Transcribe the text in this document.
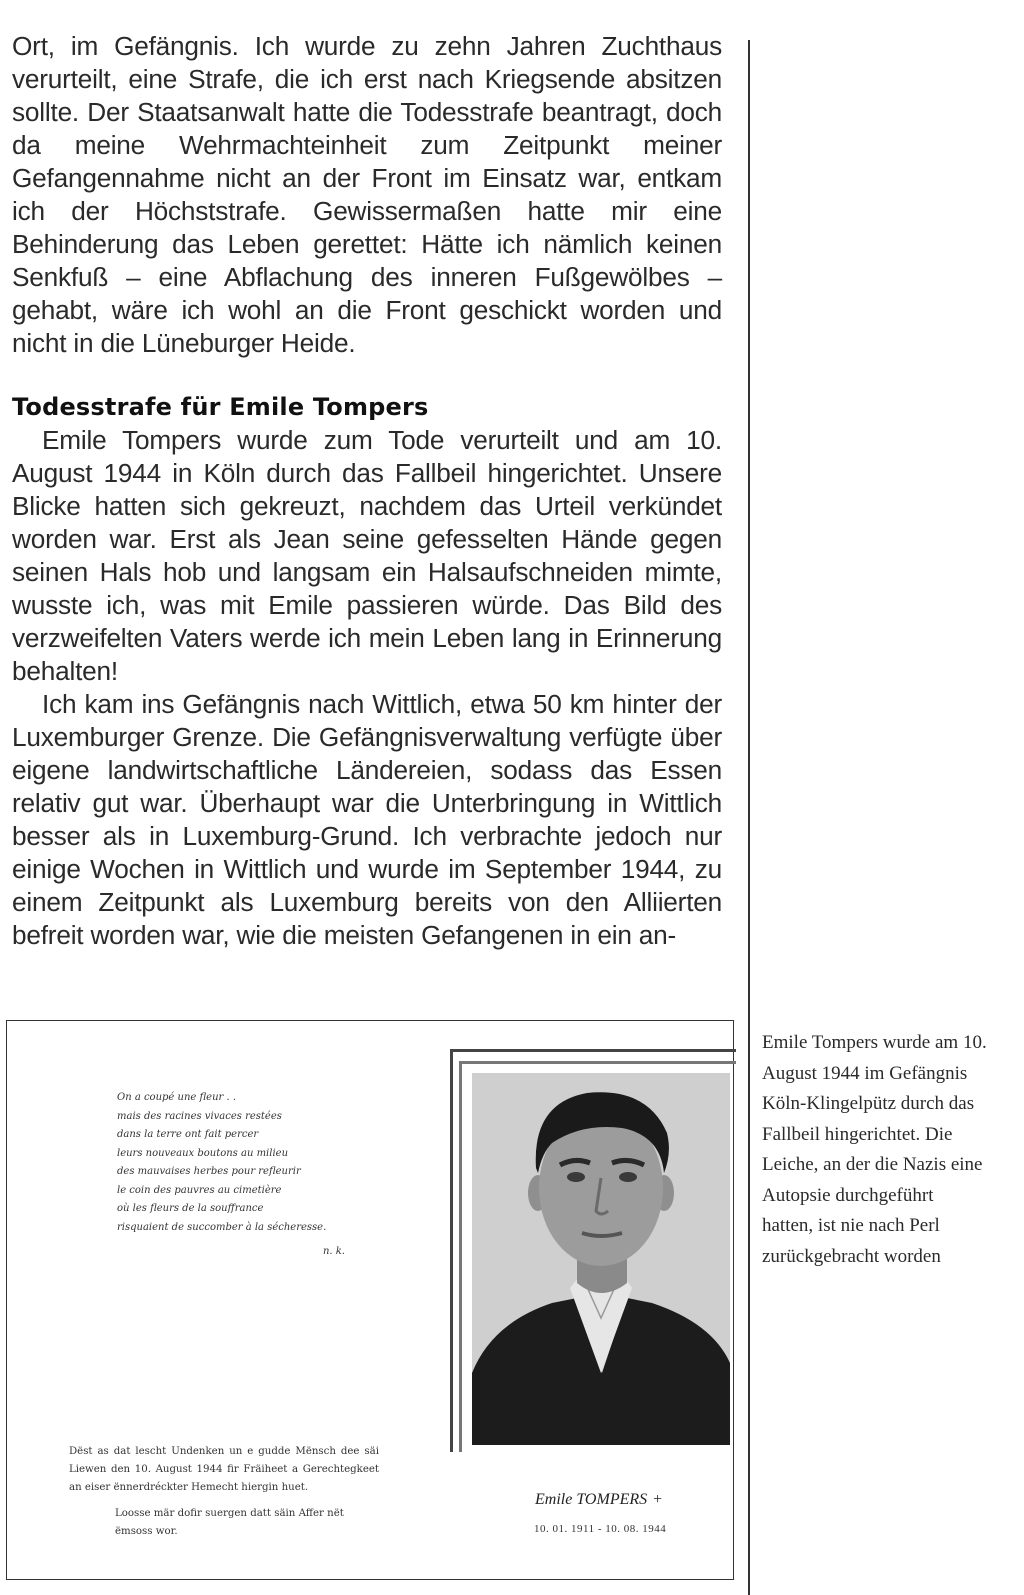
Ort, im Gefängnis. Ich wurde zu zehn Jahren Zuchthaus verurteilt, eine Strafe, die ich erst nach Kriegsende absitzen sollte. Der Staatsanwalt hatte die Todesstrafe beantragt, doch da meine Wehrmachteinheit zum Zeitpunkt meiner Gefangennahme nicht an der Front im Einsatz war, entkam ich der Höchststrafe. Gewissermaßen hatte mir eine Behinderung das Leben gerettet: Hätte ich nämlich keinen Senkfuß – eine Abflachung des inneren Fußgewölbes – gehabt, wäre ich wohl an die Front geschickt worden und nicht in die Lüneburger Heide.

Todesstrafe für Emile Tompers

Emile Tompers wurde zum Tode verurteilt und am 10. August 1944 in Köln durch das Fallbeil hingerichtet. Unsere Blicke hatten sich gekreuzt, nachdem das Urteil verkündet worden war. Erst als Jean seine gefesselten Hände gegen seinen Hals hob und langsam ein Halsaufschneiden mimte, wusste ich, was mit Emile passieren würde. Das Bild des verzweifelten Vaters werde ich mein Leben lang in Erinnerung behalten!

Ich kam ins Gefängnis nach Wittlich, etwa 50 km hinter der Luxemburger Grenze. Die Gefängnisverwaltung verfügte über eigene landwirtschaftliche Ländereien, sodass das Essen relativ gut war. Überhaupt war die Unterbringung in Wittlich besser als in Luxemburg-Grund. Ich verbrachte jedoch nur einige Wochen in Wittlich und wurde im September 1944, zu einem Zeitpunkt als Luxemburg bereits von den Alliierten befreit worden war, wie die meisten Gefangenen in ein an-

On a coupé une fleur . .
mais des racines vivaces restées
dans la terre ont fait percer
leurs nouveaux boutons au milieu
des mauvaises herbes pour refleurir
le coin des pauvres au cimetière
où les fleurs de la souffrance
risquaient de succomber à la sécheresse.
n. k.
Dëst as dat lescht Undenken un e gudde Mënsch dee säi Liewen den 10. August 1944 fir Fräiheet a Gerechtegkeet an eiser ënnerdréckter Hemecht hiergin huet.
Loosse mär dofir suergen datt säin Affer nët ëmsoss wor.
Emile TOMPERS +
10. 01. 1911 - 10. 08. 1944
Emile Tompers wurde am 10. August 1944 im Gefängnis Köln-Klingelpütz durch das Fallbeil hingerichtet. Die Leiche, an der die Nazis eine Autopsie durchgeführt hatten, ist nie nach Perl zurückgebracht worden
